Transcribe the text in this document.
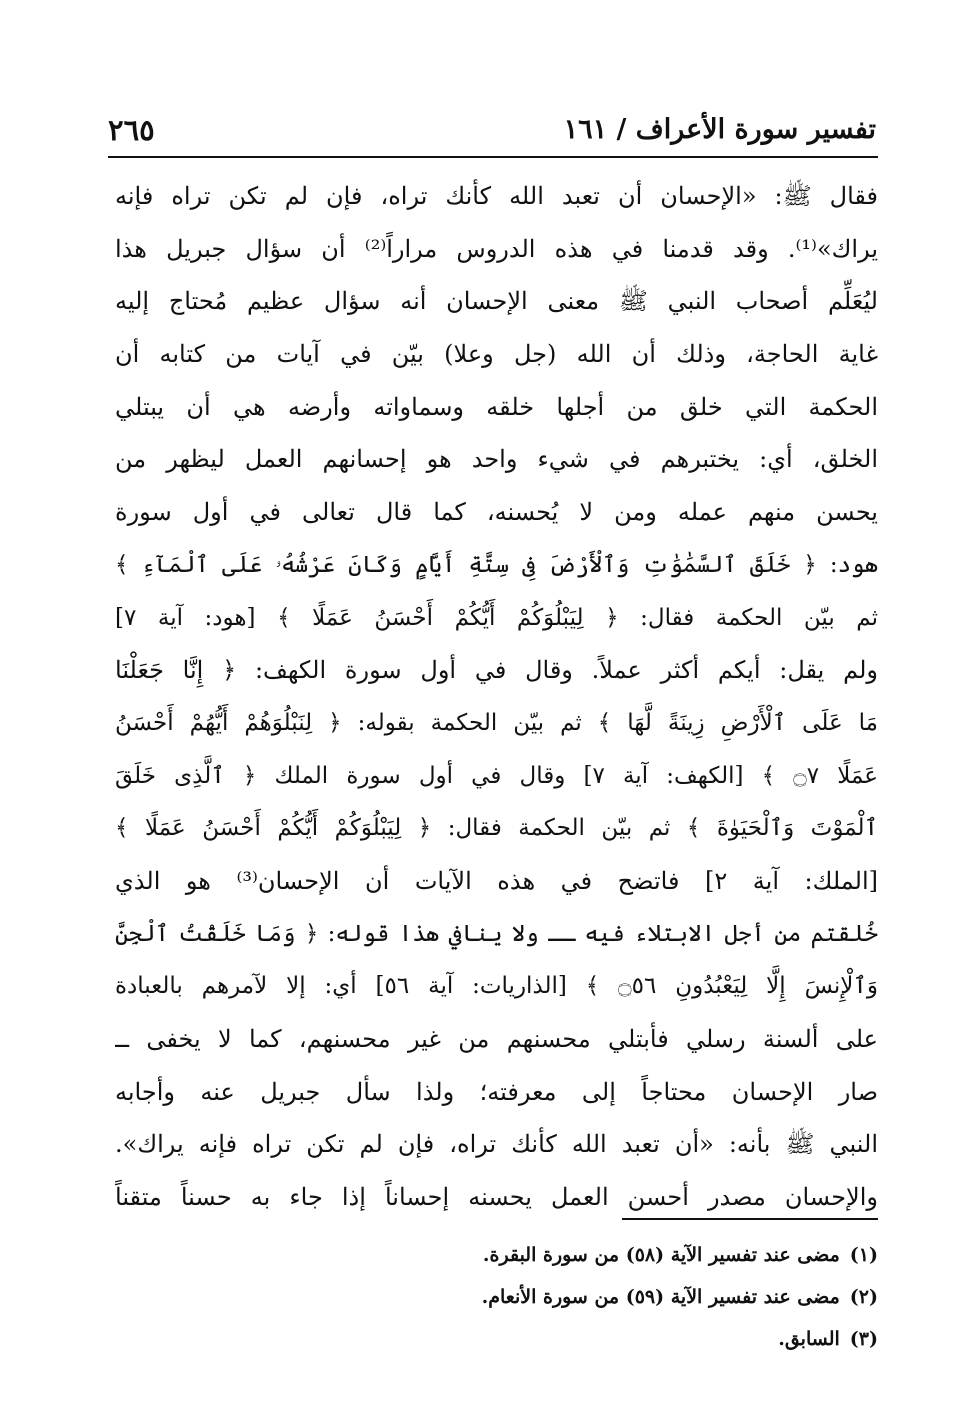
تفسير سورة الأعراف / ١٦١
٢٦٥
فقال ﷺ: «الإحسان أن تعبد الله كأنك تراه، فإن لم تكن تراه فإنه
يراك»⁽¹⁾. وقد قدمنا في هذه الدروس مراراً⁽²⁾ أن سؤال جبريل هذا
ليُعَلِّم أصحاب النبي ﷺ معنى الإحسان أنه سؤال عظيم مُحتاج إليه
غاية الحاجة، وذلك أن الله (جل وعلا) بيّن في آيات من كتابه أن
الحكمة التي خلق من أجلها خلقه وسماواته وأرضه هي أن يبتلي
الخلق، أي: يختبرهم في شيء واحد هو إحسانهم العمل ليظهر من
يحسن منهم عمله ومن لا يُحسنه، كما قال تعالى في أول سورة
هود: ﴿ خَلَقَ ٱلسَّمَٰوَٰتِ وَٱلْأَرْضَ فِى سِتَّةِ أَيَّامٍ وَكَانَ عَرْشُهُۥ عَلَى ٱلْمَآءِ ﴾
ثم بيّن الحكمة فقال: ﴿ لِيَبْلُوَكُمْ أَيُّكُمْ أَحْسَنُ عَمَلًا ﴾ [هود: آية ٧]
ولم يقل: أيكم أكثر عملاً. وقال في أول سورة الكهف: ﴿ إِنَّا جَعَلْنَا
مَا عَلَى ٱلْأَرْضِ زِينَةً لَّهَا ﴾ ثم بيّن الحكمة بقوله: ﴿ لِنَبْلُوَهُمْ أَيُّهُمْ أَحْسَنُ
عَمَلًا ۝٧ ﴾ [الكهف: آية ٧] وقال في أول سورة الملك ﴿ ٱلَّذِى خَلَقَ
ٱلْمَوْتَ وَٱلْحَيَوٰةَ ﴾ ثم بيّن الحكمة فقال: ﴿ لِيَبْلُوَكُمْ أَيُّكُمْ أَحْسَنُ عَمَلًا ﴾
[الملك: آية ٢] فاتضح في هذه الآيات أن الإحسان⁽³⁾ هو الذي
خُلقتم من أجل الابتلاء فيه ــ ولا ينافي هذا قوله: ﴿ وَمَا خَلَقْتُ ٱلْجِنَّ
وَٱلْإِنسَ إِلَّا لِيَعْبُدُونِ ۝٥٦ ﴾ [الذاريات: آية ٥٦] أي: إلا لآمرهم بالعبادة
على ألسنة رسلي فأبتلي محسنهم من غير محسنهم، كما لا يخفى ــ
صار الإحسان محتاجاً إلى معرفته؛ ولذا سأل جبريل عنه وأجابه
النبي ﷺ بأنه: «أن تعبد الله كأنك تراه، فإن لم تكن تراه فإنه يراك».
والإحسان مصدر أحسن العمل يحسنه إحساناً إذا جاء به حسناً متقناً
(١)مضى عند تفسير الآية (٥٨) من سورة البقرة.
(٢)مضى عند تفسير الآية (٥٩) من سورة الأنعام.
(٣)السابق.
